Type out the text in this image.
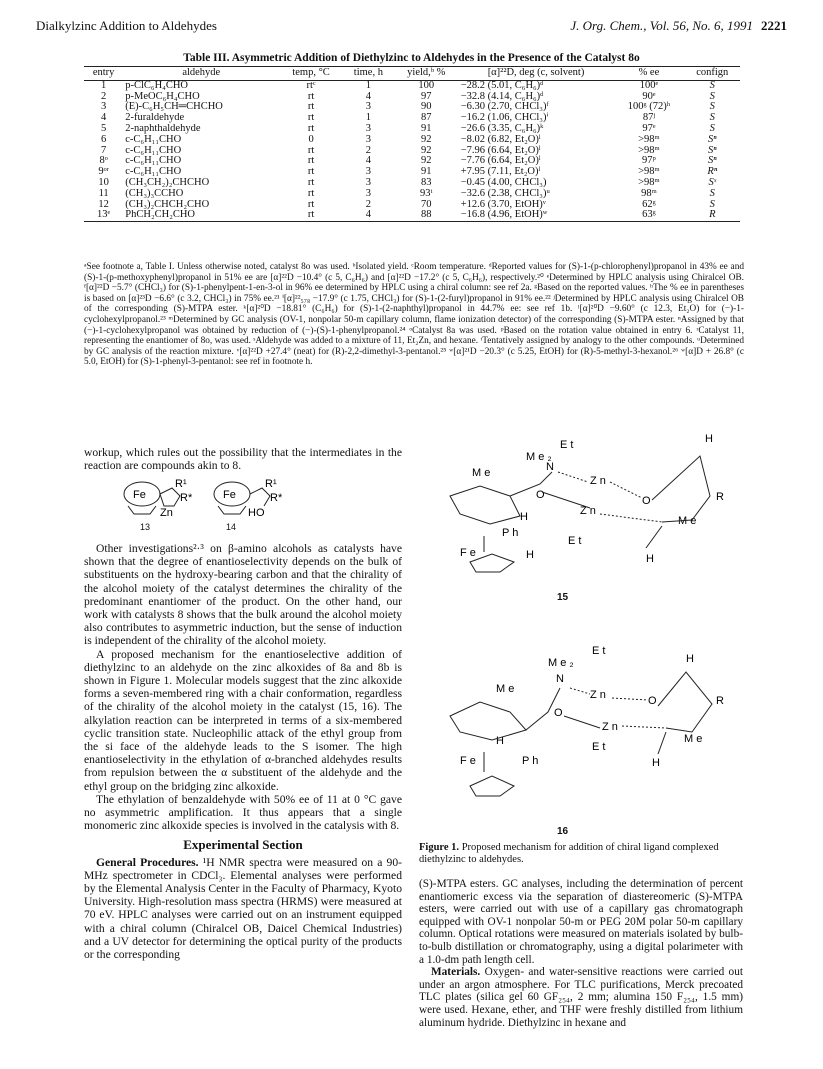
Dialkylzinc Addition to Aldehydes	J. Org. Chem., Vol. 56, No. 6, 1991 2221
Table III. Asymmetric Addition of Diethylzinc to Aldehydes in the Presence of the Catalyst 8o
entry	aldehyde	temp, °C	time, h	yield,ᵇ %	[α]²²D, deg (c, solvent)	% ee	confign
1	p-ClC₆H₄CHO	rtᶜ	1	100	−28.2 (5.01, C₆H₆)ᵈ	100ᵉ	S
2	p-MeOC₆H₄CHO	rt	4	97	−32.8 (4.14, C₆H₆)ᵈ	90ᵉ	S
3	(E)-C₆H₅CH═CHCHO	rt	3	90	−6.30 (2.70, CHCl₃)ᶠ	100ᵍ (72)ʰ	S
4	2-furaldehyde	rt	1	87	−16.2 (1.06, CHCl₃)ⁱ	87ʲ	S
5	2-naphthaldehyde	rt	3	91	−26.6 (3.35, C₆H₆)ᵏ	97ᵉ	S
6	c-C₆H₁₁CHO	0	3	92	−8.02 (6.82, Et₂O)ˡ	>98ᵐ	Sⁿ
7	c-C₆H₁₁CHO	rt	2	92	−7.96 (6.64, Et₂O)ˡ	>98ᵐ	Sⁿ
8ᵒ	c-C₆H₁₁CHO	rt	4	92	−7.76 (6.64, Et₂O)ˡ	97ᵖ	Sⁿ
9ᵒʳ	c-C₆H₁₁CHO	rt	3	91	+7.95 (7.11, Et₂O)ˡ	>98ᵐ	Rⁿ
10	(CH₃CH₂)₂CHCHO	rt	3	83	−0.45 (4.00, CHCl₃)	>98ᵐ	Sˢ
11	(CH₃)₃CCHO	rt	3	93ᵗ	−32.6 (2.38, CHCl₃)ᵘ	98ᵐ	S
12	(CH₃)₂CHCH₂CHO	rt	2	70	+12.6 (3.70, EtOH)ᵛ	62ᵍ	S
13ᵉ	PhCH₂CH₂CHO	rt	4	88	−16.8 (4.96, EtOH)ʷ	63ᵍ	R
ᵃSee footnote a, Table I. Unless otherwise noted, catalyst 8o was used. ᵇIsolated yield. ᶜRoom temperature. ᵈReported values for (S)-1-(p-chlorophenyl)propanol in 43% ee and (S)-1-(p-methoxyphenyl)propanol in 51% ee are [α]²²D −10.4° (c 5, C₆H₆) and [α]²²D −17.2° (c 5, C₆H₆), respectively.²⁰ ᵉDetermined by HPLC analysis using Chiralcel OB. ᶠ[α]²²D −5.7° (CHCl₃) for (S)-1-phenylpent-1-en-3-ol in 96% ee determined by HPLC using a chiral column: see ref 2a. ᵍBased on the reported values. ʰThe % ee in parentheses is based on [α]²³D −6.6° (c 3.2, CHCl₃) in 75% ee.²¹ ⁱ[α]²²₅₇₈ −17.9° (c 1.75, CHCl₃) for (S)-1-(2-furyl)propanol in 91% ee.²² ʲDetermined by HPLC analysis using Chiralcel OB of the corresponding (S)-MTPA ester. ᵏ[α]²⁰D −18.81° (C₆H₆) for (S)-1-(2-naphthyl)propanol in 44.7% ee: see ref 1b. ˡ[α]²⁰D −9.60° (c 12.3, Et₂O) for (−)-1-cyclohexylpropanol.²³ ᵐDetermined by GC analysis (OV-1, nonpolar 50-m capillary column, flame ionization detector) of the corresponding (S)-MTPA ester. ⁿAssigned by that (−)-1-cyclohexylpropanol was obtained by reduction of (−)-(S)-1-phenylpropanol.²⁴ ᵒCatalyst 8a was used. ᵖBased on the rotation value obtained in entry 6. ʳCatalyst 11, representing the enantiomer of 8o, was used. ˢAldehyde was added to a mixture of 11, Et₂Zn, and hexane. ᵗTentatively assigned by analogy to the other compounds. ᵘDetermined by GC analysis of the reaction mixture. ᵛ[α]²²D +27.4° (neat) for (R)-2,2-dimethyl-3-pentanol.²⁵ ʷ[α]²¹D −20.3° (c 5.25, EtOH) for (R)-5-methyl-3-hexanol.²⁶ ʷ[α]D + 26.8° (c 5.0, EtOH) for (S)-1-phenyl-3-pentanol: see ref in footnote h.

workup, which rules out the possibility that the intermediates in the reaction are compounds akin to 8.

Fe
R¹
R*
Zn
Fe
R¹
R*
HO
13	14

Other investigations²·³ on β-amino alcohols as catalysts have shown that the degree of enantioselectivity depends on the bulk of substituents on the hydroxy-bearing carbon and that the chirality of the alcohol moiety of the catalyst determines the chirality of the predominant enantiomer of the product. On the other hand, our work with catalysts 8 shows that the bulk around the alcohol moiety also contributes to asymmetric induction, but the sense of induction is independent of the chirality of the alcohol moiety.

A proposed mechanism for the enantioselective addition of diethylzinc to an aldehyde on the zinc alkoxides of 8a and 8b is shown in Figure 1. Molecular models suggest that the zinc alkoxide forms a seven-membered ring with a chair conformation, regardless of the chirality of the alcohol moiety in the catalyst (15, 16). The alkylation reaction can be interpreted in terms of a six-membered cyclic transition state. Nucleophilic attack of the ethyl group from the si face of the aldehyde leads to the S isomer. The high enantioselectivity in the ethylation of α-branched aldehydes results from repulsion between the α substituent of the aldehyde and the ethyl group on the bridging zinc alkoxide.

The ethylation of benzaldehyde with 50% ee of 11 at 0 °C gave no asymmetric amplification. It thus appears that a single monomeric zinc alkoxide species is involved in the catalysis with 8.

Experimental Section

General Procedures. ¹H NMR spectra were measured on a 90-MHz spectrometer in CDCl₃. Elemental analyses were performed by the Elemental Analysis Center in the Faculty of Pharmacy, Kyoto University. High-resolution mass spectra (HRMS) were measured at 70 eV. HPLC analyses were carried out on an instrument equipped with a chiral column (Chiralcel OB, Daicel Chemical Industries) and a UV detector for determining the optical purity of the products or the corresponding

E t
M e ₂
M e	N
Z n
O	O
Z n
H
P h
E t
F e	H
H
R
M e
H
E t
M e ₂
M e
N
Z n
O
O
Z n
H	E t
F e	P h
H
R
M e
H
15
16
Figure 1. Proposed mechanism for addition of chiral ligand complexed diethylzinc to aldehydes.

(S)-MTPA esters. GC analyses, including the determination of percent enantiomeric excess via the separation of diastereomeric (S)-MTPA esters, were carried out with use of a capillary gas chromatograph equipped with OV-1 nonpolar 50-m or PEG 20M polar 50-m capillary column. Optical rotations were measured on materials isolated by bulb-to-bulb distillation or chromatography, using a digital polarimeter with a 1.0-dm path length cell.

Materials. Oxygen- and water-sensitive reactions were carried out under an argon atmosphere. For TLC purifications, Merck precoated TLC plates (silica gel 60 GF₂₅₄, 2 mm; alumina 150 F₂₅₄, 1.5 mm) were used. Hexane, ether, and THF were freshly distilled from lithium aluminum hydride. Diethylzinc in hexane and
